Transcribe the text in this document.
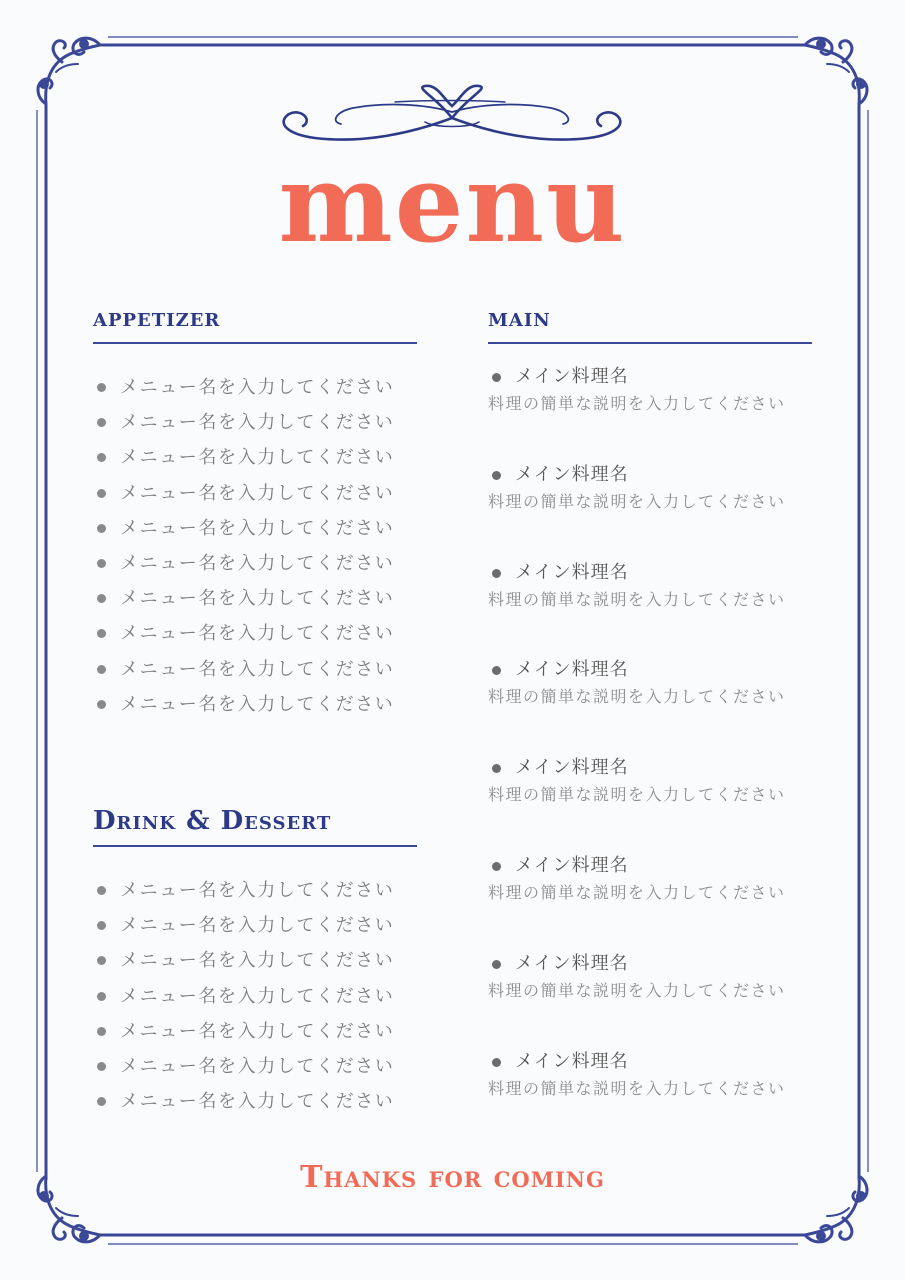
menu
appetizer
メニュー名を入力してください
メニュー名を入力してください
メニュー名を入力してください
メニュー名を入力してください
メニュー名を入力してください
メニュー名を入力してください
メニュー名を入力してください
メニュー名を入力してください
メニュー名を入力してください
メニュー名を入力してください
Drink & Dessert
メニュー名を入力してください
メニュー名を入力してください
メニュー名を入力してください
メニュー名を入力してください
メニュー名を入力してください
メニュー名を入力してください
メニュー名を入力してください
main
メイン料理名
料理の簡単な説明を入力してください
メイン料理名
料理の簡単な説明を入力してください
メイン料理名
料理の簡単な説明を入力してください
メイン料理名
料理の簡単な説明を入力してください
メイン料理名
料理の簡単な説明を入力してください
メイン料理名
料理の簡単な説明を入力してください
メイン料理名
料理の簡単な説明を入力してください
メイン料理名
料理の簡単な説明を入力してください
Thanks for coming
